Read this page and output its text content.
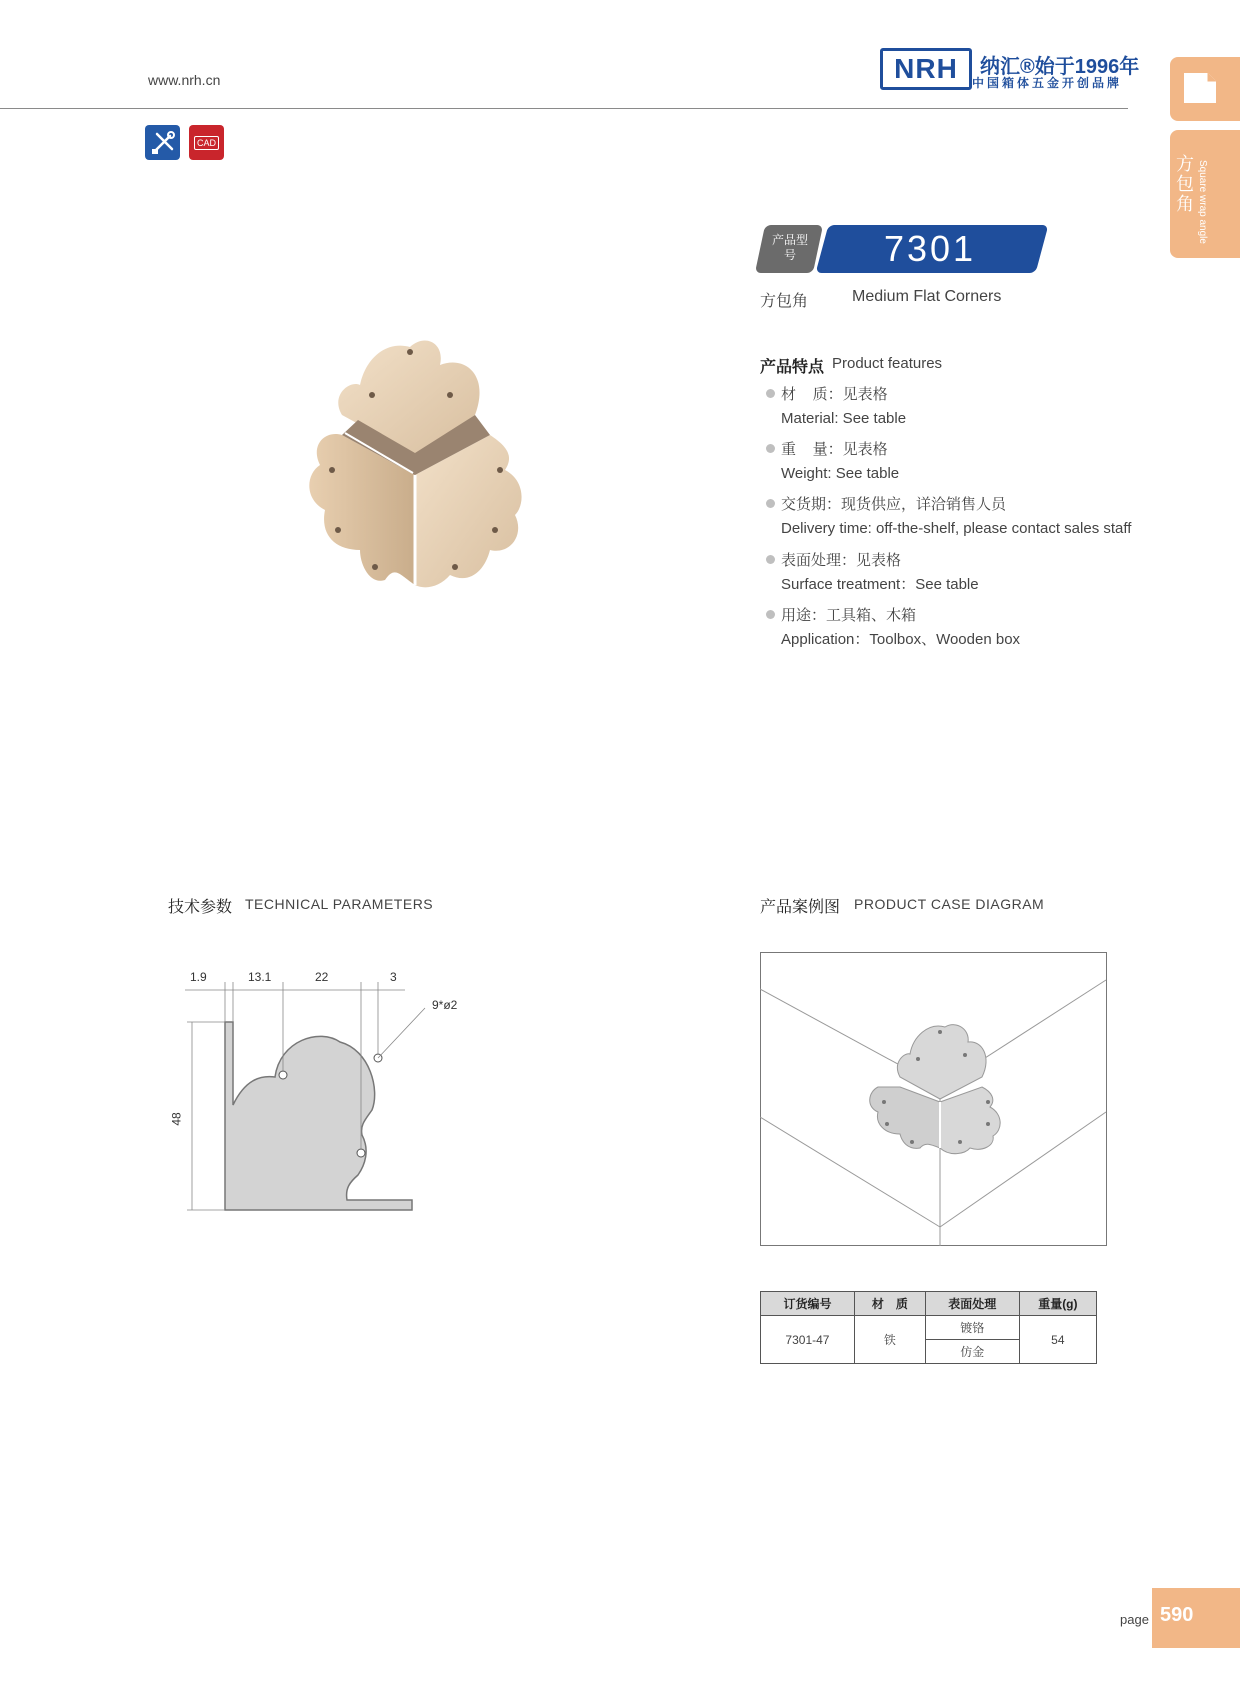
www.nrh.cn	NRH	纳汇®始于1996年
中国箱体五金开创品牌
CAD
方包角 Square wrap angle
产品型号	7301
方包角	Medium Flat Corners
产品特点 Product features
材    质：见表格
Material: See table
重    量：见表格
Weight: See table
交货期：现货供应，详洽销售人员
Delivery time: off-the-shelf, please contact sales staff
表面处理：见表格
Surface treatment：See table
用途：工具箱、木箱
Application：Toolbox、Wooden box
技术参数 TECHNICAL PARAMETERS
1.9	13.1	22	3
9*ø2
48
产品案例图 PRODUCT CASE DIAGRAM
订货编号	材　质	表面处理	重量(g)
7301-47	铁	镀铬	54
		仿金	
page 590
